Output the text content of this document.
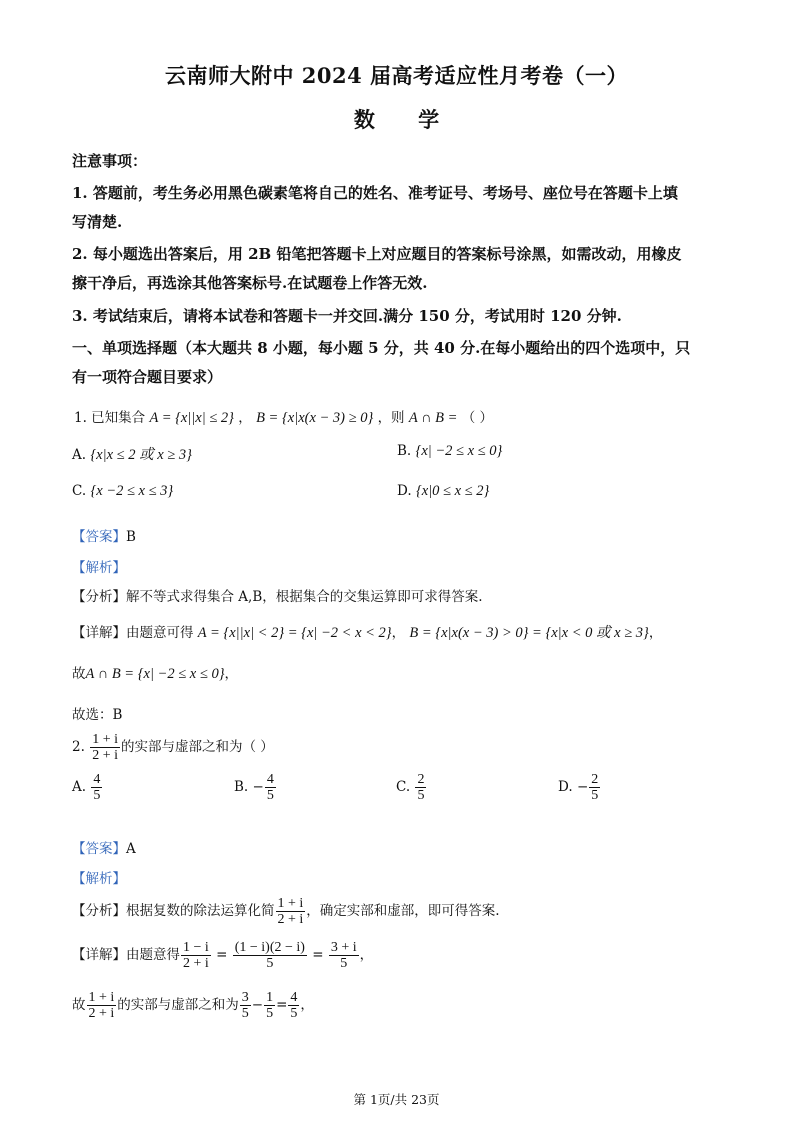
云南师大附中 2024 届高考适应性月考卷（一）
数 学
注意事项：
1. 答题前，考生务必用黑色碳素笔将自己的姓名、准考证号、考场号、座位号在答题卡上填
写清楚.
2. 每小题选出答案后，用 2B 铅笔把答题卡上对应题目的答案标号涂黑，如需改动，用橡皮
擦干净后，再选涂其他答案标号.在试题卷上作答无效.
3. 考试结束后，请将本试卷和答题卡一并交回.满分 150 分，考试用时 120 分钟.
一、单项选择题（本大题共 8 小题，每小题 5 分，共 40 分.在每小题给出的四个选项中，只
有一项符合题目要求）
1. 已知集合 A = {x||x| ≤ 2} ， B = {x|x(x − 3) ≥ 0} ，则 A ∩ B = （ ）
A. {x|x ≤ 2 或 x ≥ 3}	B. {x| −2 ≤ x ≤ 0}
C. {x −2 ≤ x ≤ 3}	D. {x|0 ≤ x ≤ 2}
【答案】B
【解析】
【分析】解不等式求得集合 A,B，根据集合的交集运算即可求得答案.
【详解】由题意可得 A = {x||x| < 2} = {x| −2 < x < 2}， B = {x|x(x − 3) > 0} = {x|x < 0 或 x ≥ 3}，
故A ∩ B = {x| −2 ≤ x ≤ 0}，
故选：B
2. $\frac{1 + i}{2 + i}$ 的实部与虚部之和为（ ）
A. $\frac{4}{5}$	B. − $\frac{4}{5}$	C. $\frac{2}{5}$	D. − $\frac{2}{5}$
【答案】A
【解析】
【分析】根据复数的除法运算化简 $\frac{1 + i}{2 + i}$ ，确定实部和虚部，即可得答案.
【详解】由题意得 $\frac{1 - i}{2 + i} = \frac{(1 - i)(2 - i)}{5} = \frac{3 + i}{5}$ ，
故 $\frac{1 + i}{2 + i}$ 的实部与虚部之和为 $\frac{3}{5} - \frac{1}{5} = \frac{4}{5}$ ，
第 1页/共 23页
